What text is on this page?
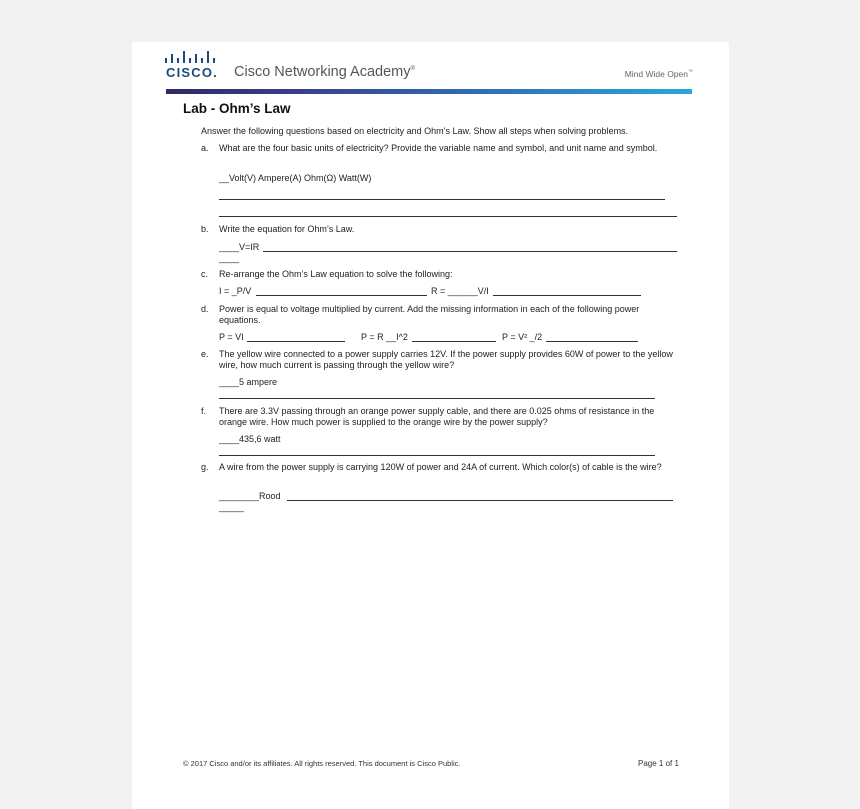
CISCO. Cisco Networking Academy®	Mind Wide Open™
Lab - Ohm’s Law
Answer the following questions based on electricity and Ohm’s Law. Show all steps when solving problems.
a. What are the four basic units of electricity? Provide the variable name and symbol, and unit name and symbol.
__Volt(V) Ampere(A) Ohm(Ω) Watt(W)
b. Write the equation for Ohm’s Law.
____V=IR
____
c. Re-arrange the Ohm’s Law equation to solve the following:
I = _P/V	R = ______V/I
d. Power is equal to voltage multiplied by current. Add the missing information in each of the following power equations.
P = VI	P = R __I^2	P = V² _/2
e. The yellow wire connected to a power supply carries 12V. If the power supply provides 60W of power to the yellow wire, how much current is passing through the yellow wire?
____5 ampere
f. There are 3.3V passing through an orange power supply cable, and there are 0.025 ohms of resistance in the orange wire. How much power is supplied to the orange wire by the power supply?
____435,6 watt
g. A wire from the power supply is carrying 120W of power and 24A of current. Which color(s) of cable is the wire?
________Rood
_____
© 2017 Cisco and/or its affiliates. All rights reserved. This document is Cisco Public.	Page 1 of 1
